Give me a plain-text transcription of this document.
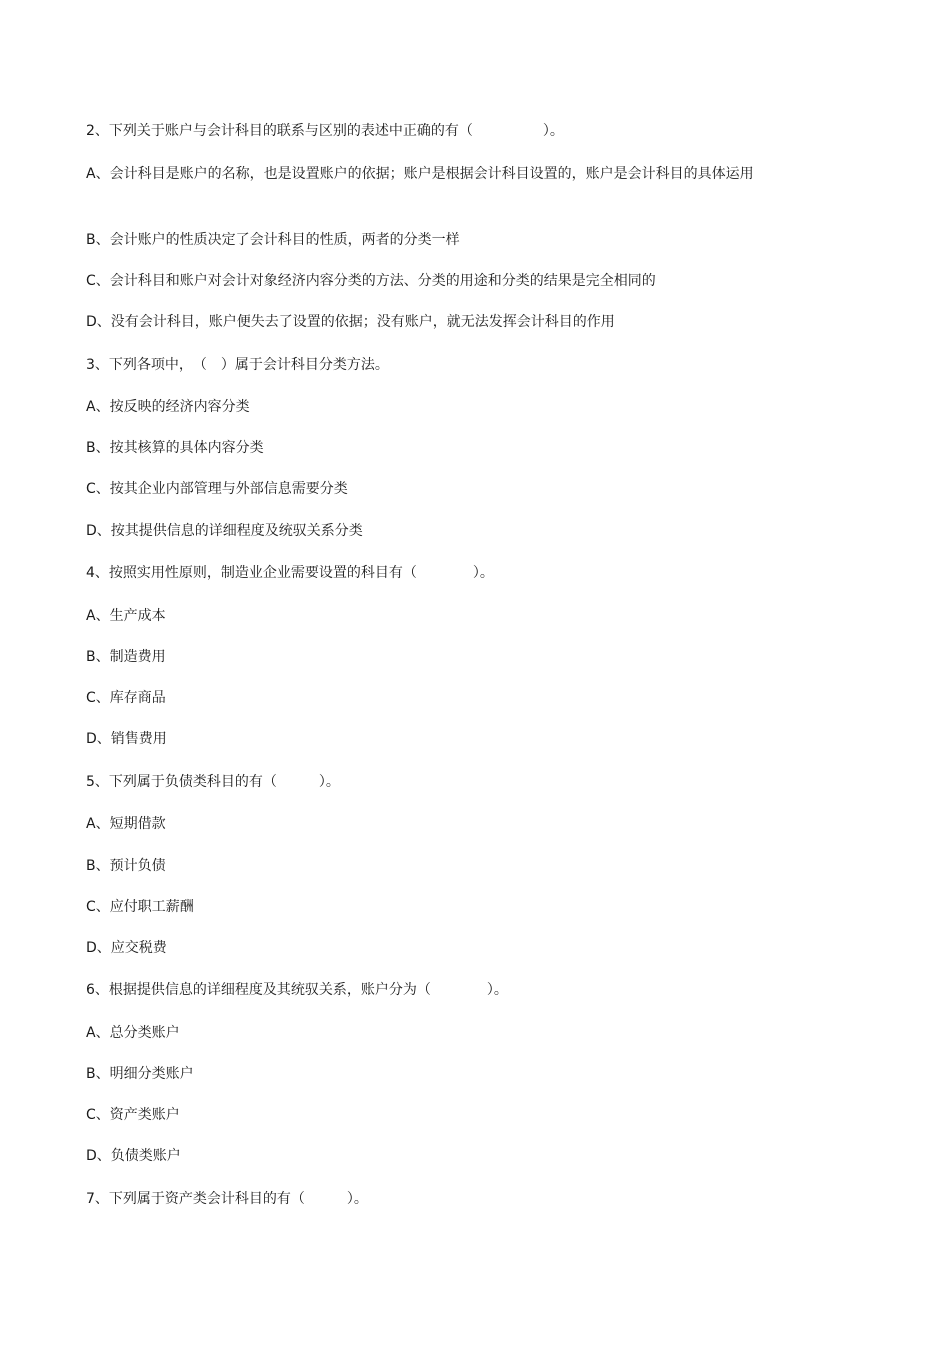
2、下列关于账户与会计科目的联系与区别的表述中正确的有（　　　　　）。
A、会计科目是账户的名称，也是设置账户的依据；账户是根据会计科目设置的，账户是会计科目的具体运用
B、会计账户的性质决定了会计科目的性质，两者的分类一样
C、会计科目和账户对会计对象经济内容分类的方法、分类的用途和分类的结果是完全相同的
D、没有会计科目，账户便失去了设置的依据；没有账户，就无法发挥会计科目的作用
3、下列各项中，　（　）属于会计科目分类方法。
A、按反映的经济内容分类
B、按其核算的具体内容分类
C、按其企业内部管理与外部信息需要分类
D、按其提供信息的详细程度及统驭关系分类
4、按照实用性原则，制造业企业需要设置的科目有（　　　　）。
A、生产成本
B、制造费用
C、库存商品
D、销售费用
5、下列属于负债类科目的有（　　　）。
A、短期借款
B、预计负债
C、应付职工薪酬
D、应交税费
6、根据提供信息的详细程度及其统驭关系，账户分为（　　　　）。
A、总分类账户
B、明细分类账户
C、资产类账户
D、负债类账户
7、下列属于资产类会计科目的有（　　　）。
